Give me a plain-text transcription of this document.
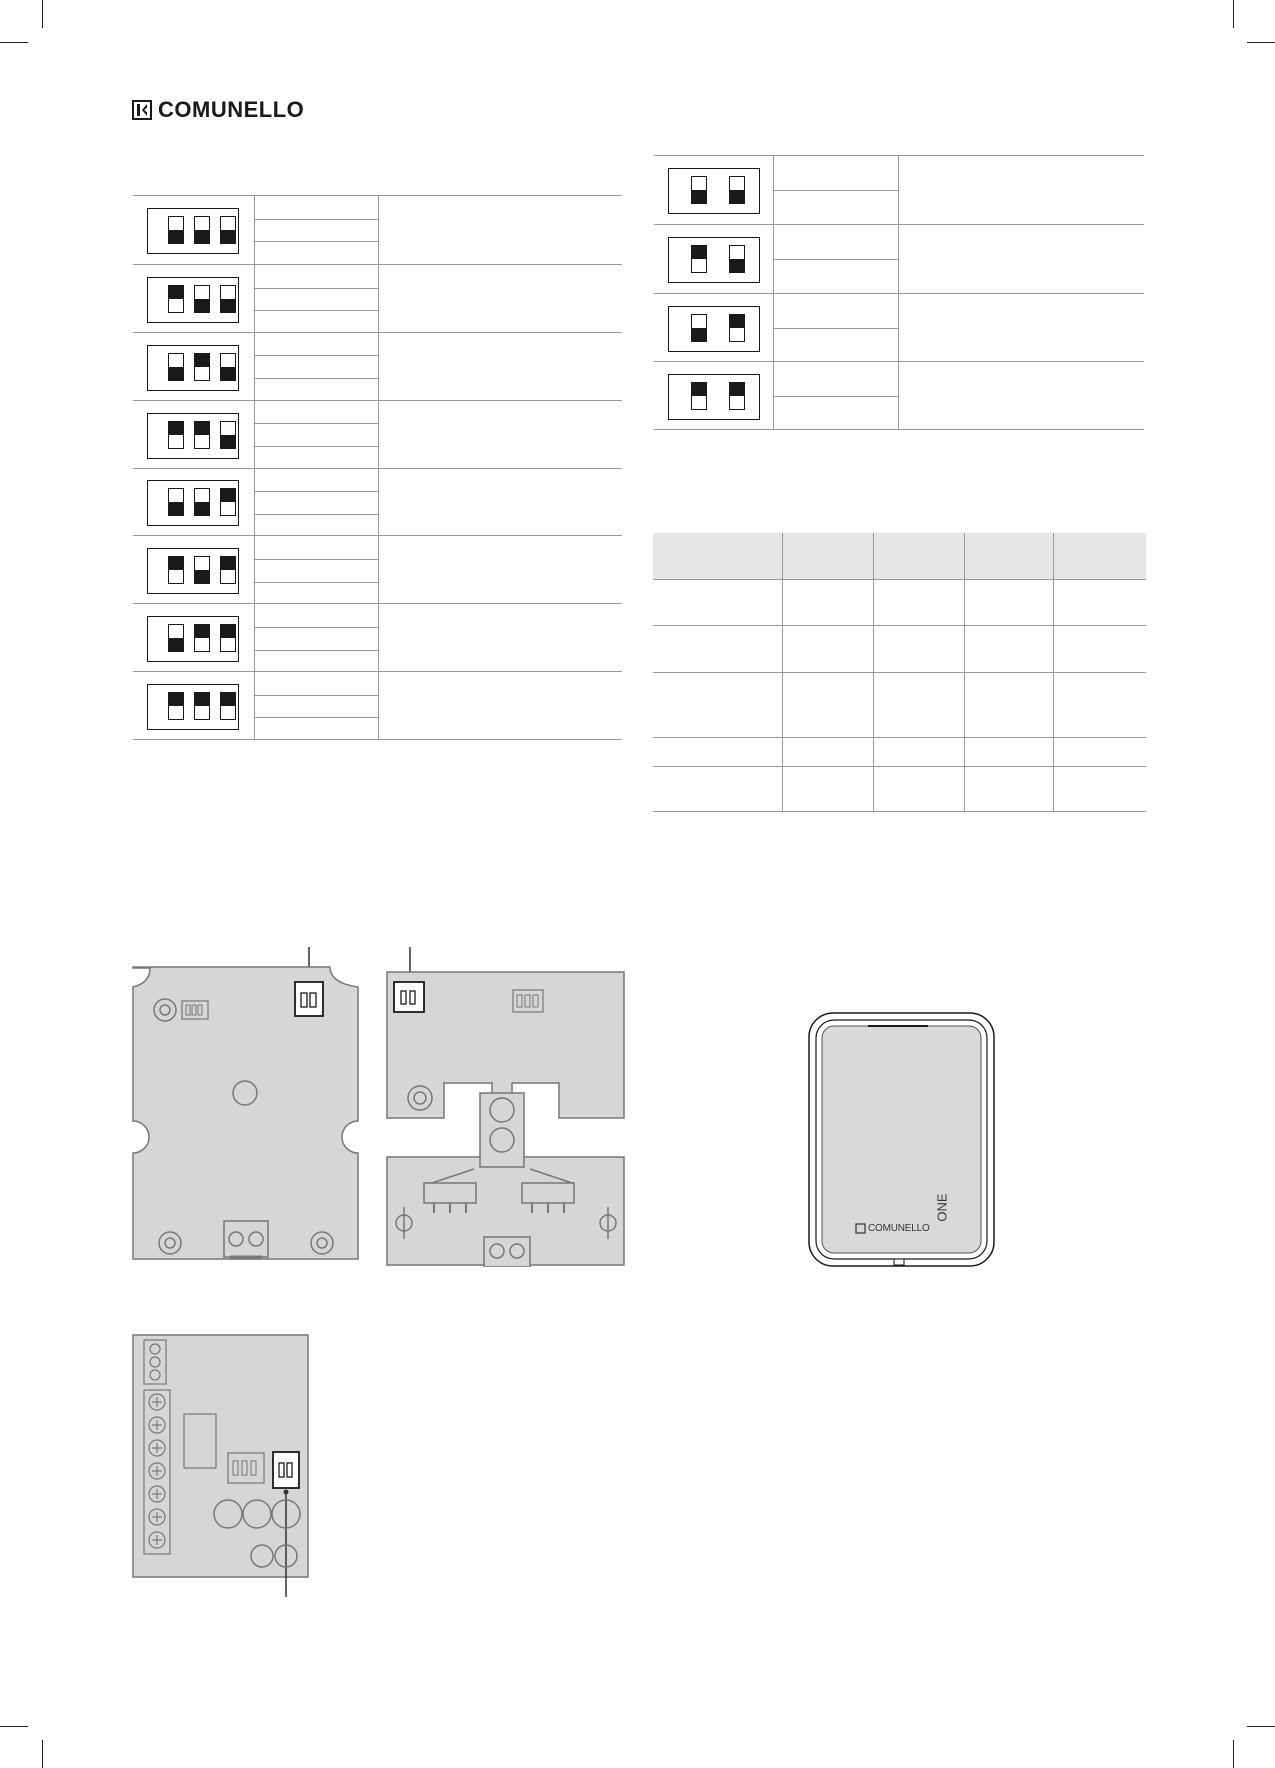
COMUNELLO
COMUNELLO
ONE
